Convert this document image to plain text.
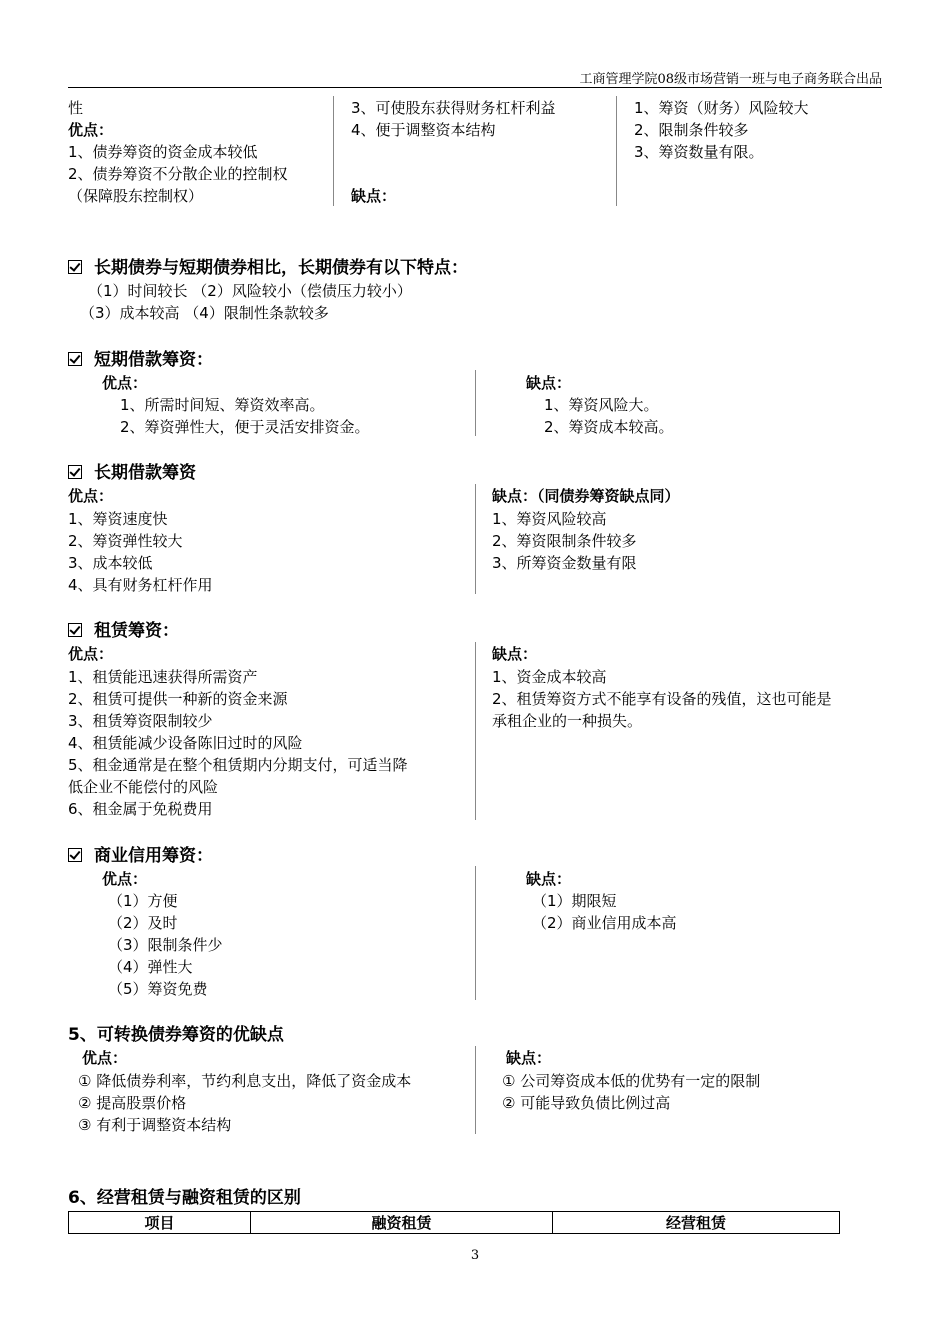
工商管理学院08级市场营销一班与电子商务联合出品
性
优点：
1、债券筹资的资金成本较低
2、债券筹资不分散企业的控制权
（保障股东控制权）
3、可使股东获得财务杠杆利益
4、便于调整资本结构
缺点：
1、筹资（财务）风险较大
2、限制条件较多
3、筹资数量有限。
长期债券与短期债券相比，长期债券有以下特点：
（1）时间较长 （2）风险较小（偿债压力较小）
（3）成本较高 （4）限制性条款较多
短期借款筹资：
优点：
1、所需时间短、筹资效率高。
2、筹资弹性大，便于灵活安排资金。
缺点：
1、筹资风险大。
2、筹资成本较高。
长期借款筹资
优点：
1、筹资速度快
2、筹资弹性较大
3、成本较低
4、具有财务杠杆作用
缺点：（同债券筹资缺点同）
1、筹资风险较高
2、筹资限制条件较多
3、所筹资金数量有限
租赁筹资：
优点：
1、租赁能迅速获得所需资产
2、租赁可提供一种新的资金来源
3、租赁筹资限制较少
4、租赁能减少设备陈旧过时的风险
5、租金通常是在整个租赁期内分期支付，可适当降
低企业不能偿付的风险
6、租金属于免税费用
缺点：
1、资金成本较高
2、租赁筹资方式不能享有设备的残值，这也可能是
承租企业的一种损失。
商业信用筹资：
优点：
（1）方便
（2）及时
（3）限制条件少
（4）弹性大
（5）筹资免费
缺点：
（1）期限短
（2）商业信用成本高
5、可转换债券筹资的优缺点
优点：
① 降低债券利率，节约利息支出，降低了资金成本
② 提高股票价格
③ 有利于调整资本结构
缺点：
① 公司筹资成本低的优势有一定的限制
② 可能导致负债比例过高
6、经营租赁与融资租赁的区别
项目	融资租赁	经营租赁
3
